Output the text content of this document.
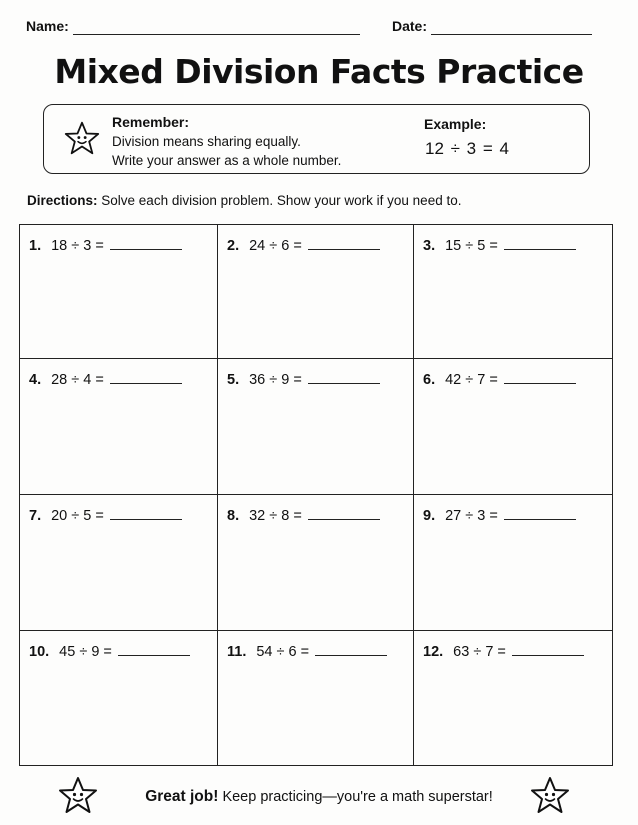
Name:	Date:
Mixed Division Facts Practice
Remember:
Division means sharing equally.
Write your answer as a whole number.
Example:
12 ÷ 3 = 4
Directions: Solve each division problem. Show your work if you need to.
1. 18 ÷ 3 =	2. 24 ÷ 6 =	3. 15 ÷ 5 =
4. 28 ÷ 4 =	5. 36 ÷ 9 =	6. 42 ÷ 7 =
7. 20 ÷ 5 =	8. 32 ÷ 8 =	9. 27 ÷ 3 =
10. 45 ÷ 9 =	11. 54 ÷ 6 =	12. 63 ÷ 7 =
Great job! Keep practicing—you're a math superstar!
